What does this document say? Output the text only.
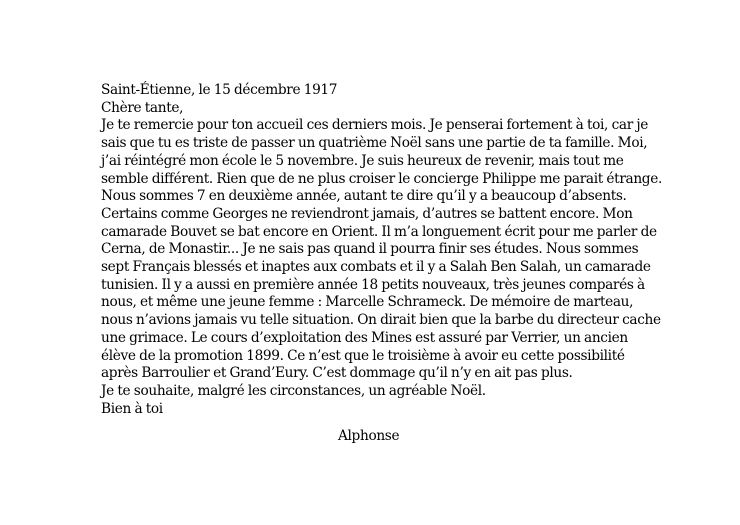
Saint-Étienne, le 15 décembre 1917
Chère tante,
Je te remercie pour ton accueil ces derniers mois. Je penserai fortement à toi, car je
sais que tu es triste de passer un quatrième Noël sans une partie de ta famille. Moi,
j’ai réintégré mon école le 5 novembre. Je suis heureux de revenir, mais tout me
semble différent. Rien que de ne plus croiser le concierge Philippe me parait étrange.
Nous sommes 7 en deuxième année, autant te dire qu’il y a beaucoup d’absents.
Certains comme Georges ne reviendront jamais, d’autres se battent encore. Mon
camarade Bouvet se bat encore en Orient. Il m’a longuement écrit pour me parler de
Cerna, de Monastir... Je ne sais pas quand il pourra finir ses études. Nous sommes
sept Français blessés et inaptes aux combats et il y a Salah Ben Salah, un camarade
tunisien. Il y a aussi en première année 18 petits nouveaux, très jeunes comparés à
nous, et même une jeune femme : Marcelle Schrameck. De mémoire de marteau,
nous n’avions jamais vu telle situation. On dirait bien que la barbe du directeur cache
une grimace. Le cours d’exploitation des Mines est assuré par Verrier, un ancien
élève de la promotion 1899. Ce n’est que le troisième à avoir eu cette possibilité
après Barroulier et Grand’Eury. C’est dommage qu’il n’y en ait pas plus.
Je te souhaite, malgré les circonstances, un agréable Noël.
Bien à toi
Alphonse
